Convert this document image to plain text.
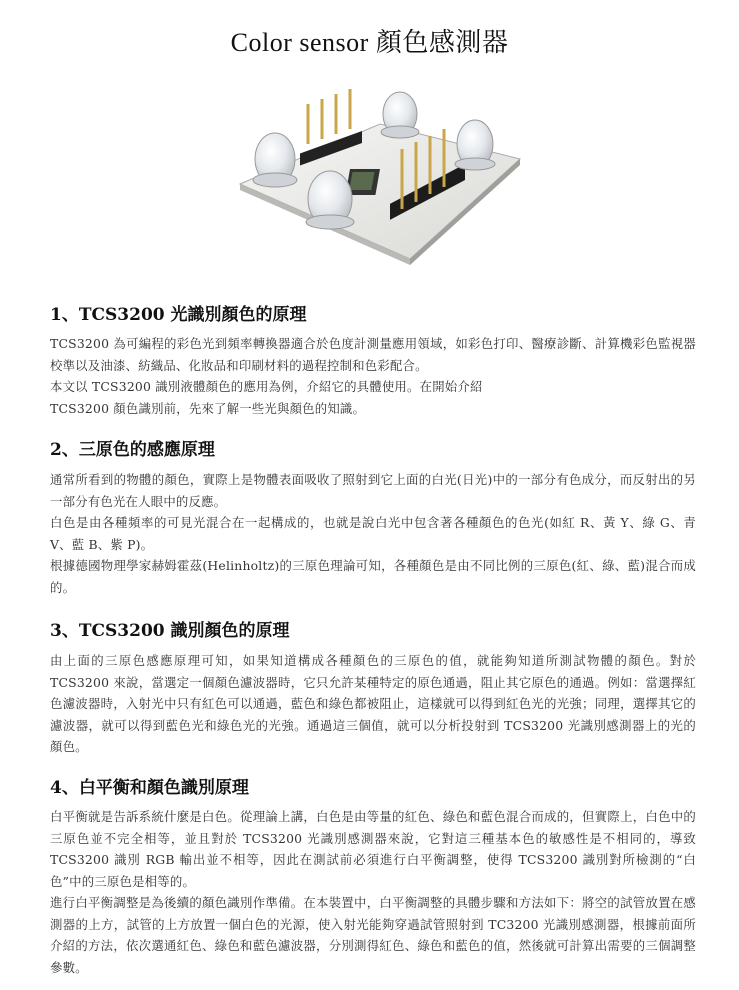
Color sensor 顏色感測器
1、TCS3200 光識別顏色的原理
TCS3200 為可編程的彩色光到頻率轉換器適合於色度計測量應用領域，如彩色打印、醫療診斷、計算機彩色監視器校準以及油漆、紡織品、化妝品和印刷材料的過程控制和色彩配合。
本文以 TCS3200 識別液體顏色的應用為例，介紹它的具體使用。在開始介紹
TCS3200 顏色識別前，先來了解一些光與顏色的知識。
2、三原色的感應原理
通常所看到的物體的顏色，實際上是物體表面吸收了照射到它上面的白光(日光)中的一部分有色成分，而反射出的另一部分有色光在人眼中的反應。
白色是由各種頻率的可見光混合在一起構成的，也就是說白光中包含著各種顏色的色光(如紅 R、黃 Y、綠 G、青 V、藍 B、紫 P)。
根據德國物理學家赫姆霍茲(Helinholtz)的三原色理論可知，各種顏色是由不同比例的三原色(紅、綠、藍)混合而成的。
3、TCS3200 識別顏色的原理
由上面的三原色感應原理可知，如果知道構成各種顏色的三原色的值，就能夠知道所測試物體的顏色。對於 TCS3200 來說，當選定一個顏色濾波器時，它只允許某種特定的原色通過，阻止其它原色的通過。例如：當選擇紅色濾波器時，入射光中只有紅色可以通過，藍色和綠色都被阻止，這樣就可以得到紅色光的光強；同理，選擇其它的濾波器，就可以得到藍色光和綠色光的光強。通過這三個值，就可以分析投射到 TCS3200 光識別感測器上的光的顏色。
4、白平衡和顏色識別原理
白平衡就是告訴系統什麼是白色。從理論上講，白色是由等量的紅色、綠色和藍色混合而成的，但實際上，白色中的三原色並不完全相等，並且對於 TCS3200 光識別感測器來說，它對這三種基本色的敏感性是不相同的，導致 TCS3200 識別 RGB 輸出並不相等，因此在測試前必須進行白平衡調整，使得 TCS3200 識別對所檢測的“白色”中的三原色是相等的。
進行白平衡調整是為後續的顏色識別作準備。在本裝置中，白平衡調整的具體步驟和方法如下：將空的試管放置在感測器的上方，試管的上方放置一個白色的光源，使入射光能夠穿過試管照射到 TC3200 光識別感測器，根據前面所介紹的方法，依次選通紅色、綠色和藍色濾波器，分別測得紅色、綠色和藍色的值，然後就可計算出需要的三個調整參數。
